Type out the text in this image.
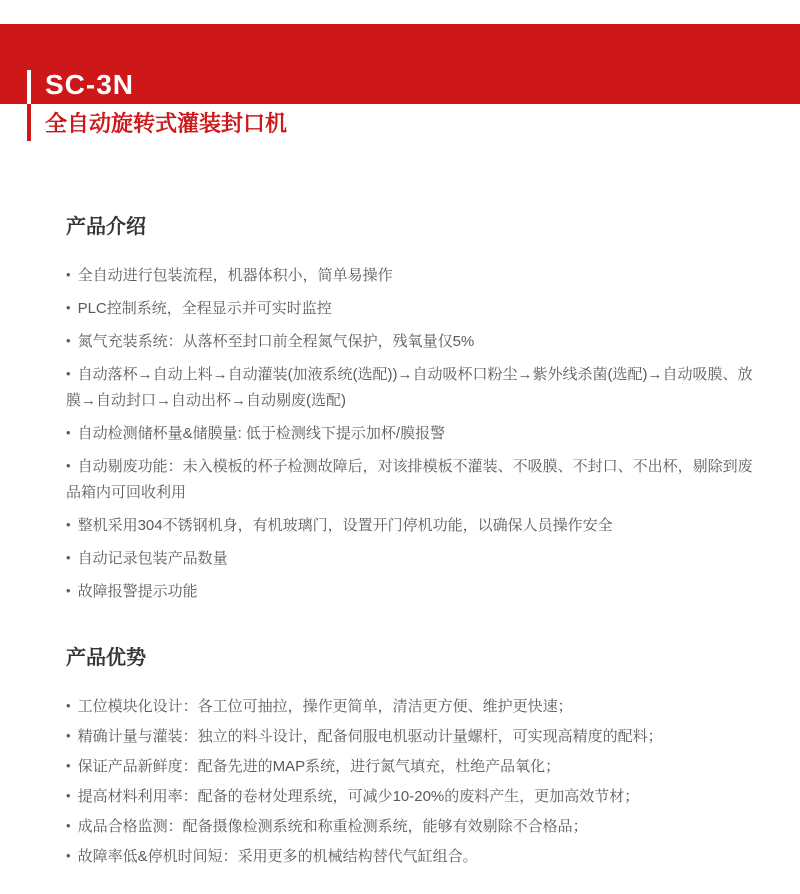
SC-3N
全自动旋转式灌装封口机
产品介绍

• 全自动进行包装流程，机器体积小，简单易操作

• PLC控制系统，全程显示并可实时监控

• 氮气充装系统：从落杯至封口前全程氮气保护，残氧量仅5%

• 自动落杯→自动上料→自动灌装(加液系统(选配))→自动吸杯口粉尘→紫外线杀菌(选配)→自动吸膜、放膜→自动封口→自动出杯→自动剔废(选配)

• 自动检测储杯量&储膜量: 低于检测线下提示加杯/膜报警

• 自动剔废功能：未入模板的杯子检测故障后，对该排模板不灌装、不吸膜、不封口、不出杯，剔除到废品箱内可回收利用

• 整机采用304不锈钢机身，有机玻璃门，设置开门停机功能，以确保人员操作安全

• 自动记录包装产品数量

• 故障报警提示功能

产品优势

• 工位模块化设计：各工位可抽拉，操作更简单，清洁更方便、维护更快速；

• 精确计量与灌装：独立的料斗设计，配备伺服电机驱动计量螺杆，可实现高精度的配料；

• 保证产品新鲜度：配备先进的MAP系统，进行氮气填充，杜绝产品氧化；

• 提高材料利用率：配备的卷材处理系统，可减少10-20%的废料产生，更加高效节材；

• 成品合格监测：配备摄像检测系统和称重检测系统，能够有效剔除不合格品；

• 故障率低&停机时间短：采用更多的机械结构替代气缸组合。
